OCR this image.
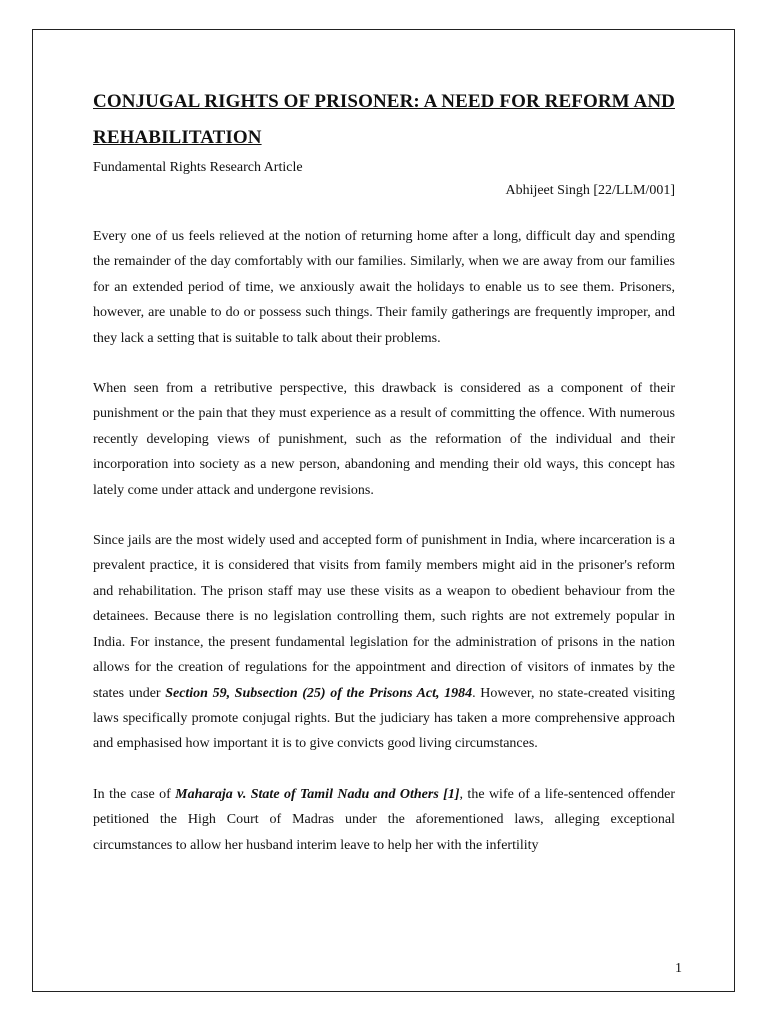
CONJUGAL RIGHTS OF PRISONER: A NEED FOR REFORM AND REHABILITATION

Fundamental Rights Research Article

Abhijeet Singh [22/LLM/001]

Every one of us feels relieved at the notion of returning home after a long, difficult day and spending the remainder of the day comfortably with our families. Similarly, when we are away from our families for an extended period of time, we anxiously await the holidays to enable us to see them. Prisoners, however, are unable to do or possess such things. Their family gatherings are frequently improper, and they lack a setting that is suitable to talk about their problems.

When seen from a retributive perspective, this drawback is considered as a component of their punishment or the pain that they must experience as a result of committing the offence. With numerous recently developing views of punishment, such as the reformation of the individual and their incorporation into society as a new person, abandoning and mending their old ways, this concept has lately come under attack and undergone revisions.

Since jails are the most widely used and accepted form of punishment in India, where incarceration is a prevalent practice, it is considered that visits from family members might aid in the prisoner's reform and rehabilitation. The prison staff may use these visits as a weapon to obedient behaviour from the detainees. Because there is no legislation controlling them, such rights are not extremely popular in India. For instance, the present fundamental legislation for the administration of prisons in the nation allows for the creation of regulations for the appointment and direction of visitors of inmates by the states under Section 59, Subsection (25) of the Prisons Act, 1984. However, no state-created visiting laws specifically promote conjugal rights. But the judiciary has taken a more comprehensive approach and emphasised how important it is to give convicts good living circumstances.

In the case of Maharaja v. State of Tamil Nadu and Others [1], the wife of a life-sentenced offender petitioned the High Court of Madras under the aforementioned laws, alleging exceptional circumstances to allow her husband interim leave to help her with the infertility

1
